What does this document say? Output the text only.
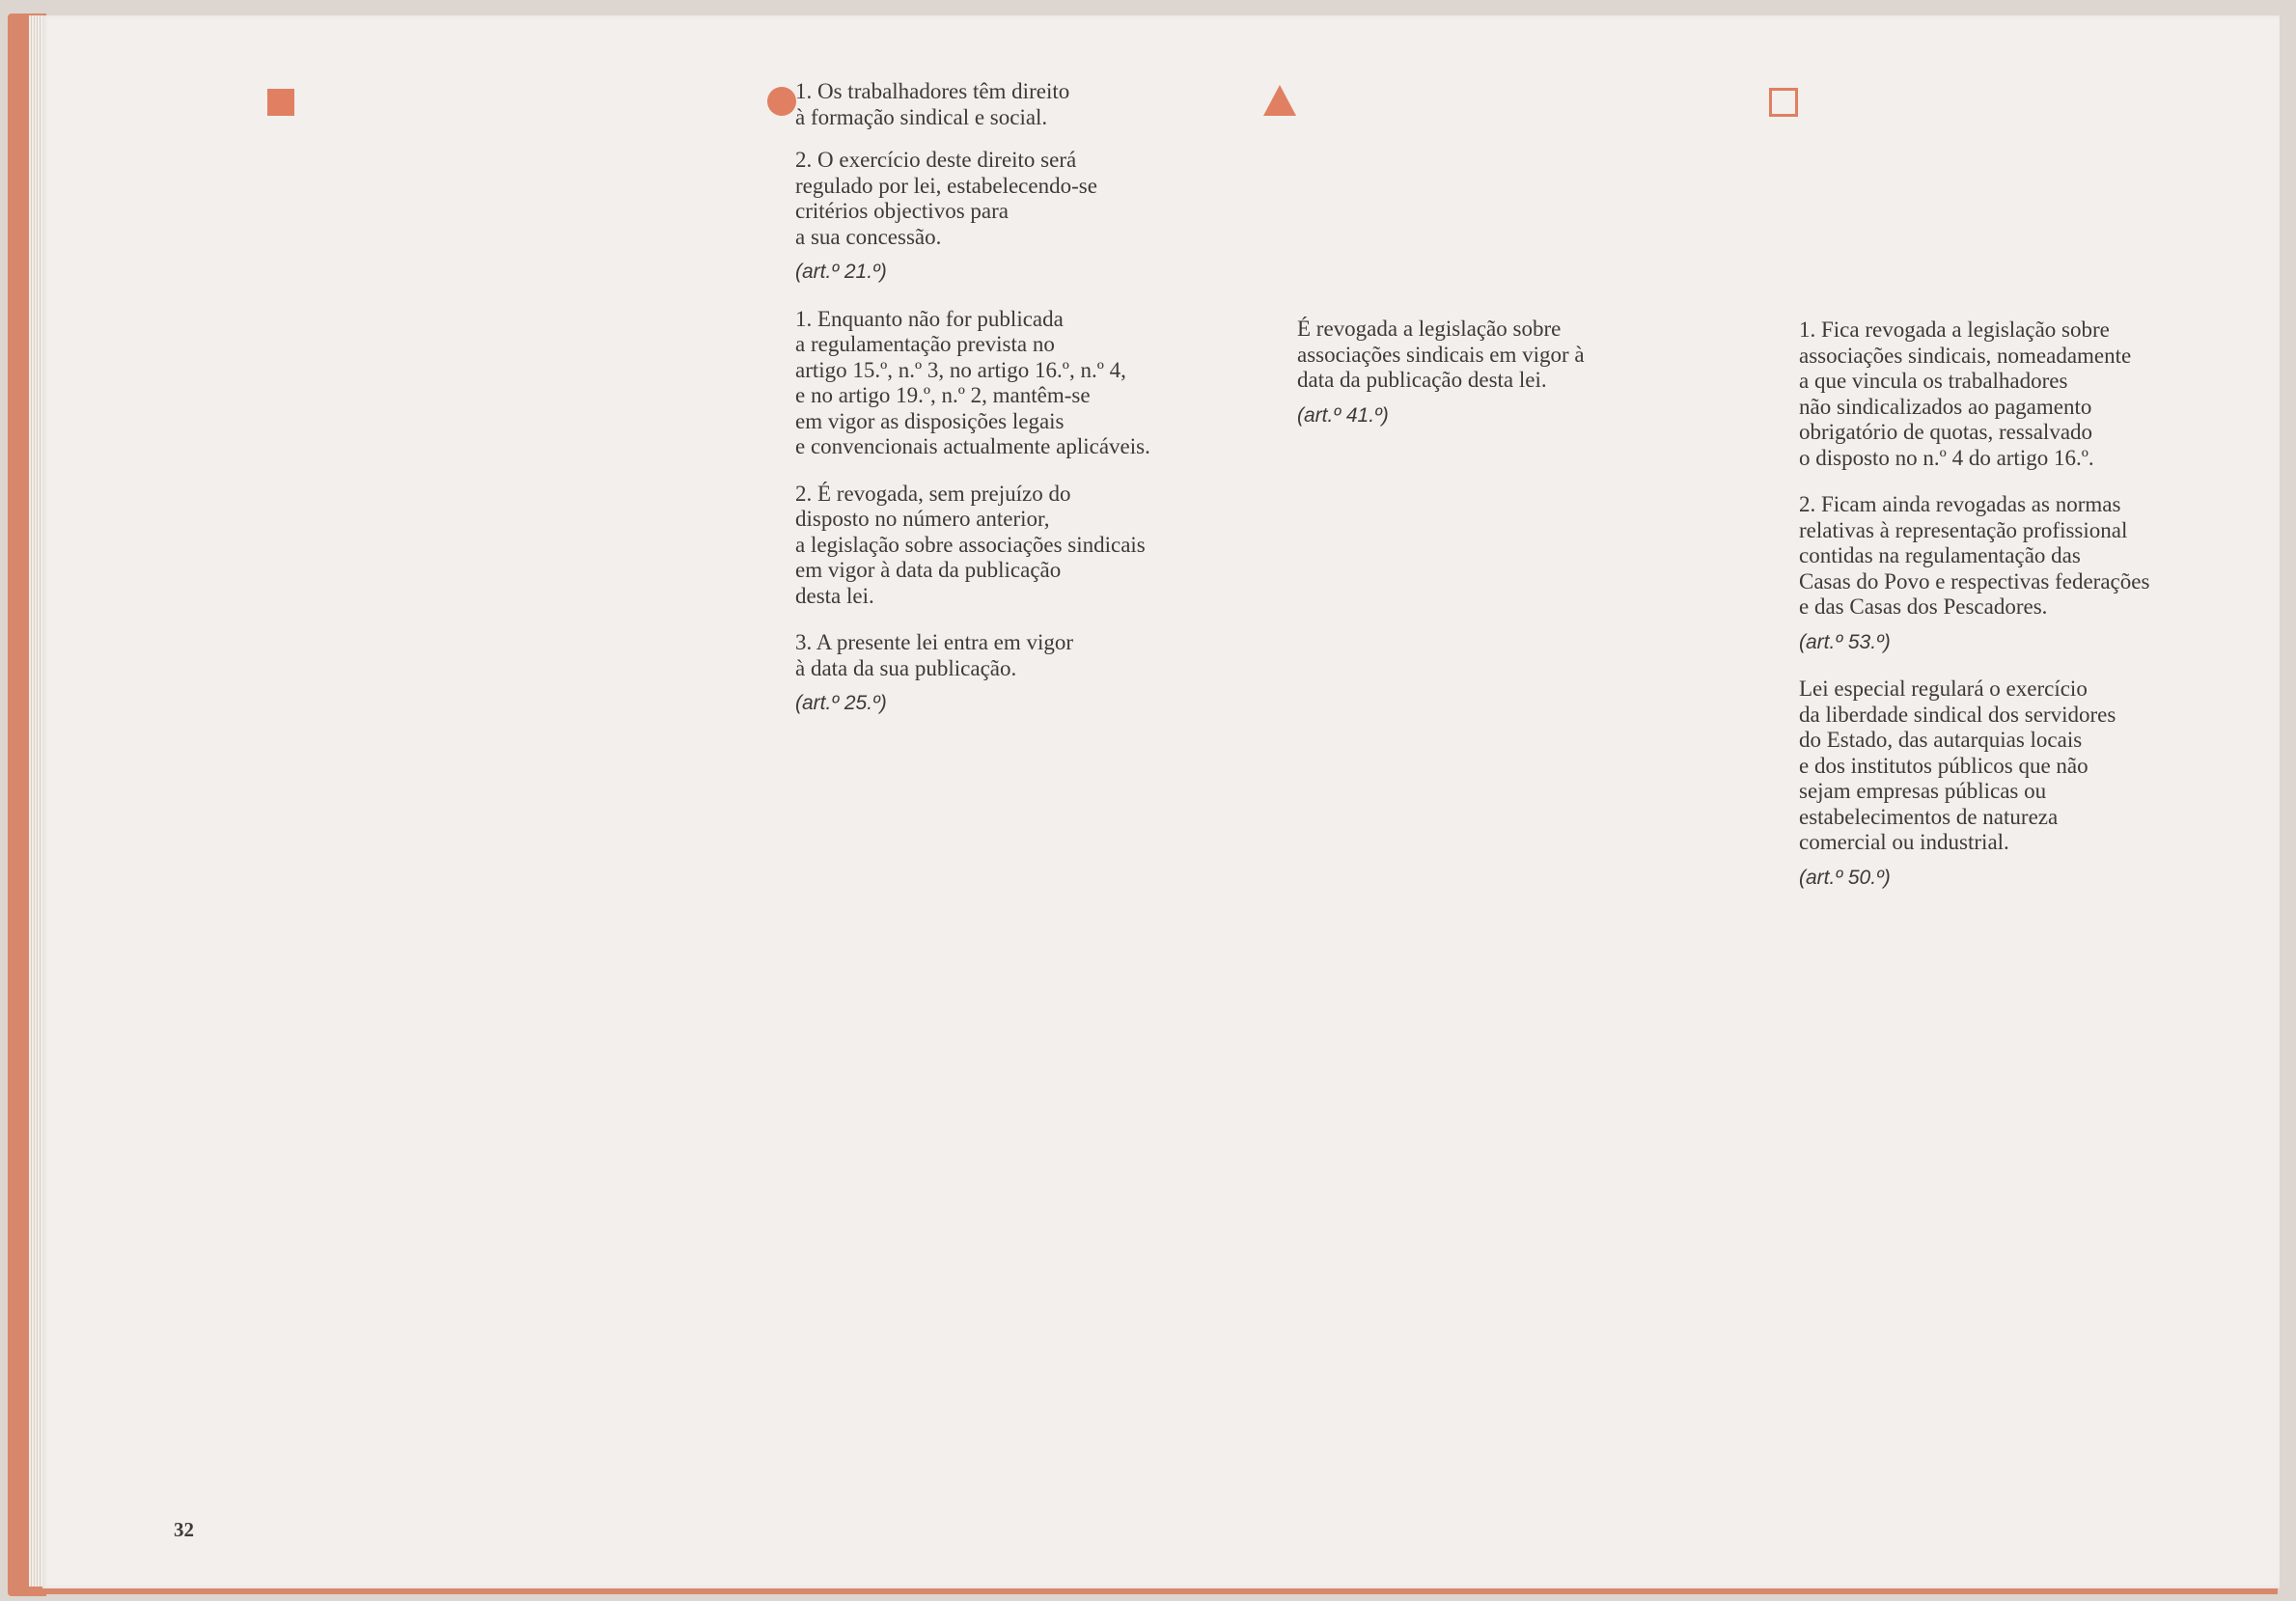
1. Os trabalhadores têm direito
à formação sindical e social.

2. O exercício deste direito será
regulado por lei, estabelecendo-se
critérios objectivos para
a sua concessão.

(art.º 21.º)

1. Enquanto não for publicada
a regulamentação prevista no
artigo 15.º, n.º 3, no artigo 16.º, n.º 4,
e no artigo 19.º, n.º 2, mantêm-se
em vigor as disposições legais
e convencionais actualmente aplicáveis.

2. É revogada, sem prejuízo do
disposto no número anterior,
a legislação sobre associações sindicais
em vigor à data da publicação
desta lei.

3. A presente lei entra em vigor
à data da sua publicação.

(art.º 25.º)

É revogada a legislação sobre
associações sindicais em vigor à
data da publicação desta lei.

(art.º 41.º)

1. Fica revogada a legislação sobre
associações sindicais, nomeadamente
a que vincula os trabalhadores
não sindicalizados ao pagamento
obrigatório de quotas, ressalvado
o disposto no n.º 4 do artigo 16.º.

2. Ficam ainda revogadas as normas
relativas à representação profissional
contidas na regulamentação das
Casas do Povo e respectivas federações
e das Casas dos Pescadores.

(art.º 53.º)

Lei especial regulará o exercício
da liberdade sindical dos servidores
do Estado, das autarquias locais
e dos institutos públicos que não
sejam empresas públicas ou
estabelecimentos de natureza
comercial ou industrial.

(art.º 50.º)

32
